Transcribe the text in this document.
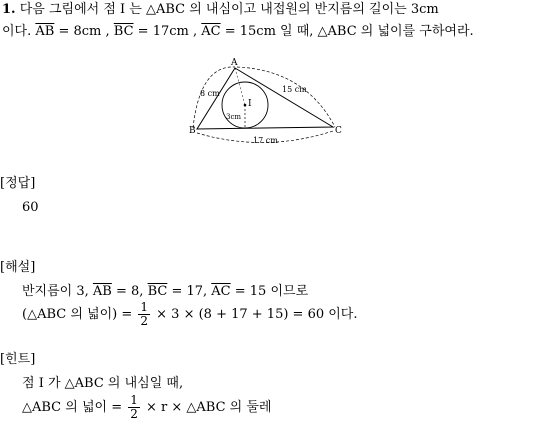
1. 다음 그림에서 점 I 는 △ABC 의 내심이고 내접원의 반지름의 길이는 3cm
이다. $\overline{AB} = 8cm$ , $\overline{BC} = 17cm$ , $\overline{AC} = 15cm$ 일 때, △ABC 의 넓이를 구하여라.
A
B	C
I
8 cm	15 cm
17 cm
3cm
[정답]
60
[해설]
반지름이 3, $\overline{AB} = 8$, $\overline{BC} = 17$, $\overline{AC} = 15$ 이므로
(△ABC 의 넓이) = $\frac{1}{2} \times 3 \times (8 + 17 + 15) = 60$ 이다.
[힌트]
점 I 가 △ABC 의 내심일 때,
△ABC 의 넓이 = $\frac{1}{2} \times r$ × △ABC 의 둘레
